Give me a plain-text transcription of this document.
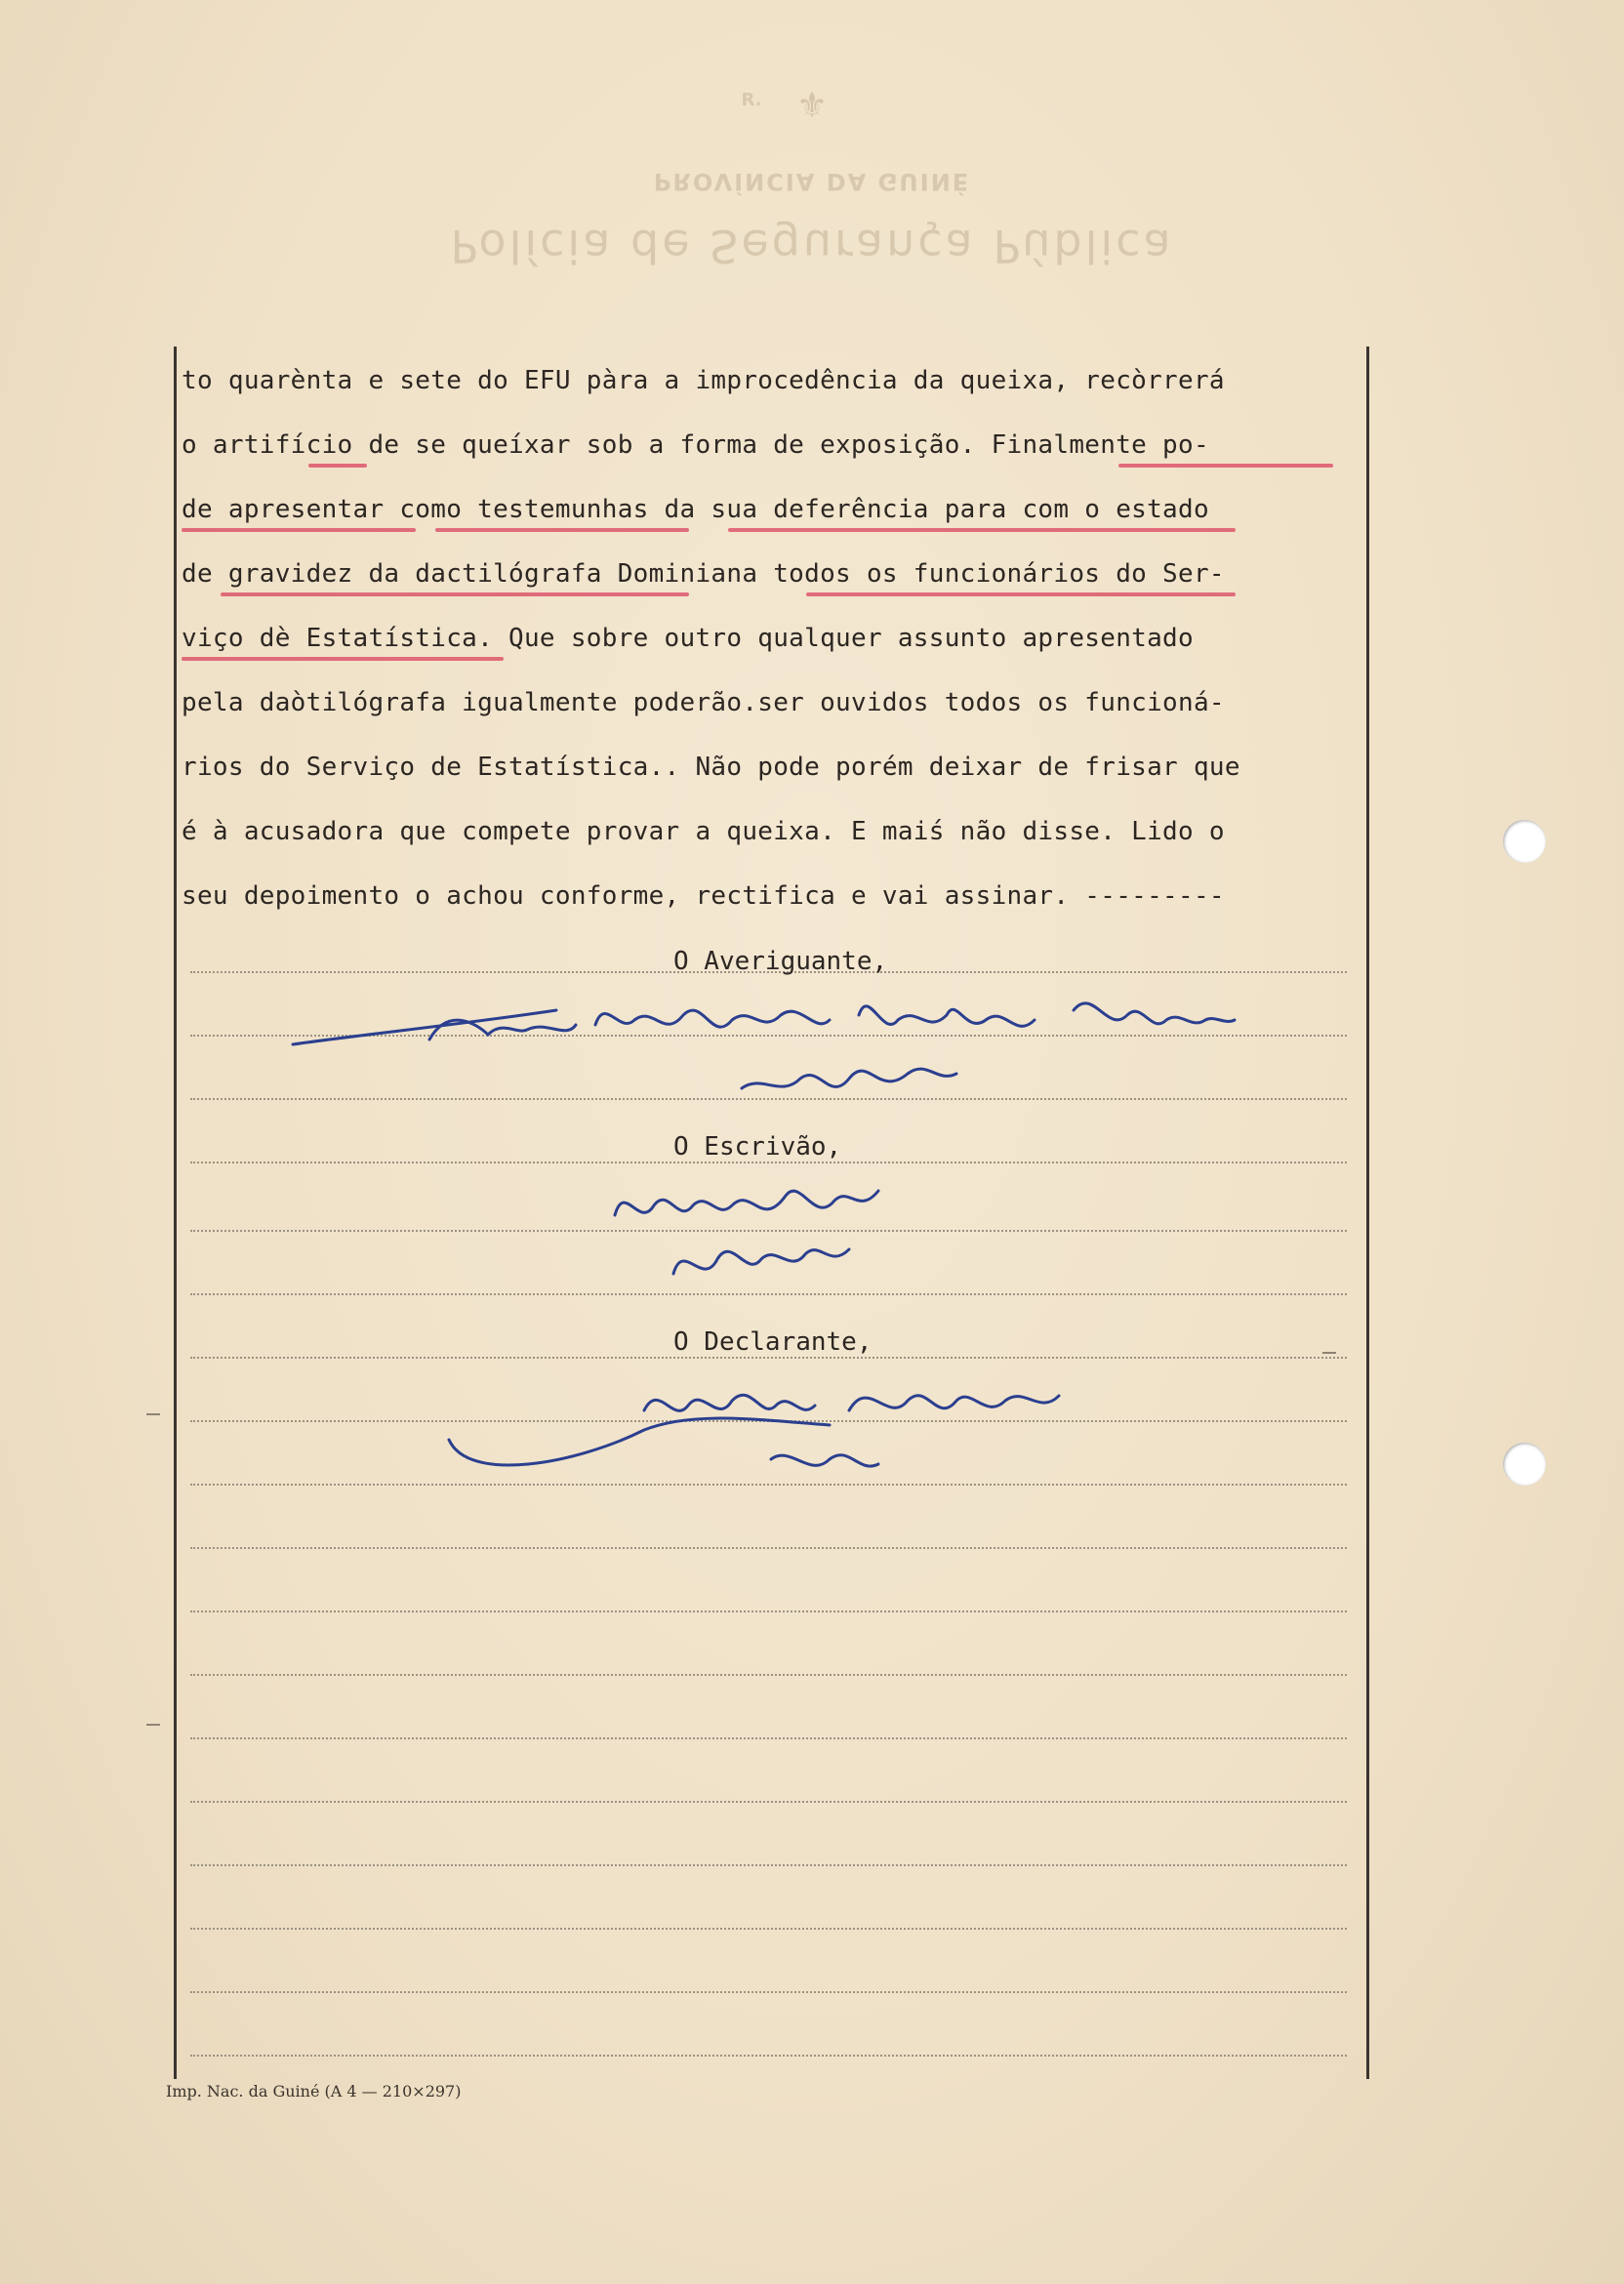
⚜
R.
PROVÍNCIA DA GUINÉ
Polícia de Segurança Pública
to quarènta e sete do EFU pàra a improcedência da queixa, recòrrerá
o artifício de se queíxar sob a forma de exposição. Finalmente po-
de apresentar como testemunhas da sua deferência para com o estado
de gravidez da dactilógrafa Dominiana todos os funcionários do Ser-
viço dè Estatística. Que sobre outro qualquer assunto apresentado
pela daòtilógrafa igualmente poderão.ser ouvidos todos os funcioná-
rios do Serviço de Estatística.. Não pode porém deixar de frisar que
é à acusadora que compete provar a queixa. E maiś não disse. Lido o
seu depoimento o achou conforme, rectifica e vai assinar. ---------
O Averiguante,
O Escrivão,
O Declarante,
Imp. Nac. da Guiné (A 4 — 210×297)
